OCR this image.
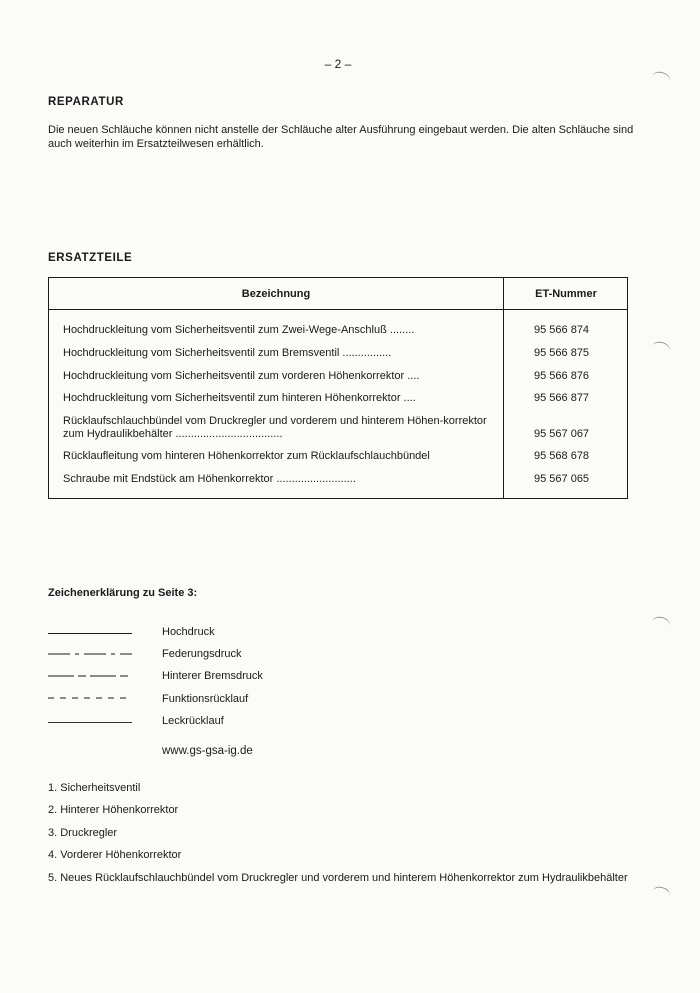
– 2 –
REPARATUR
Die neuen Schläuche können nicht anstelle der Schläuche alter Ausführung eingebaut werden. Die alten Schläuche sind auch weiterhin im Ersatzteilwesen erhältlich.
ERSATZTEILE
Bezeichnung	ET-Nummer
Hochdruckleitung vom Sicherheitsventil zum Zwei-Wege-Anschluß ........	95 566 874
Hochdruckleitung vom Sicherheitsventil zum Bremsventil ................	95 566 875
Hochdruckleitung vom Sicherheitsventil zum vorderen Höhenkorrektor ....	95 566 876
Hochdruckleitung vom Sicherheitsventil zum hinteren Höhenkorrektor ....	95 566 877
Rücklaufschlauchbündel vom Druckregler und vorderem und hinterem Höhen-korrektor zum Hydraulikbehälter ...................................	95 567 067
Rücklaufleitung vom hinteren Höhenkorrektor zum Rücklaufschlauchbündel	95 568 678
Schraube mit Endstück am Höhenkorrektor ..........................	95 567 065
Zeichenerklärung zu Seite 3:
Hochdruck
Federungsdruck
Hinterer Bremsdruck
Funktionsrücklauf
Leckrücklauf
www.gs-gsa-ig.de
1. Sicherheitsventil
2. Hinterer Höhenkorrektor
3. Druckregler
4. Vorderer Höhenkorrektor
5. Neues Rücklaufschlauchbündel vom Druckregler und vorderem und hinterem Höhenkorrektor zum Hydraulikbehälter
